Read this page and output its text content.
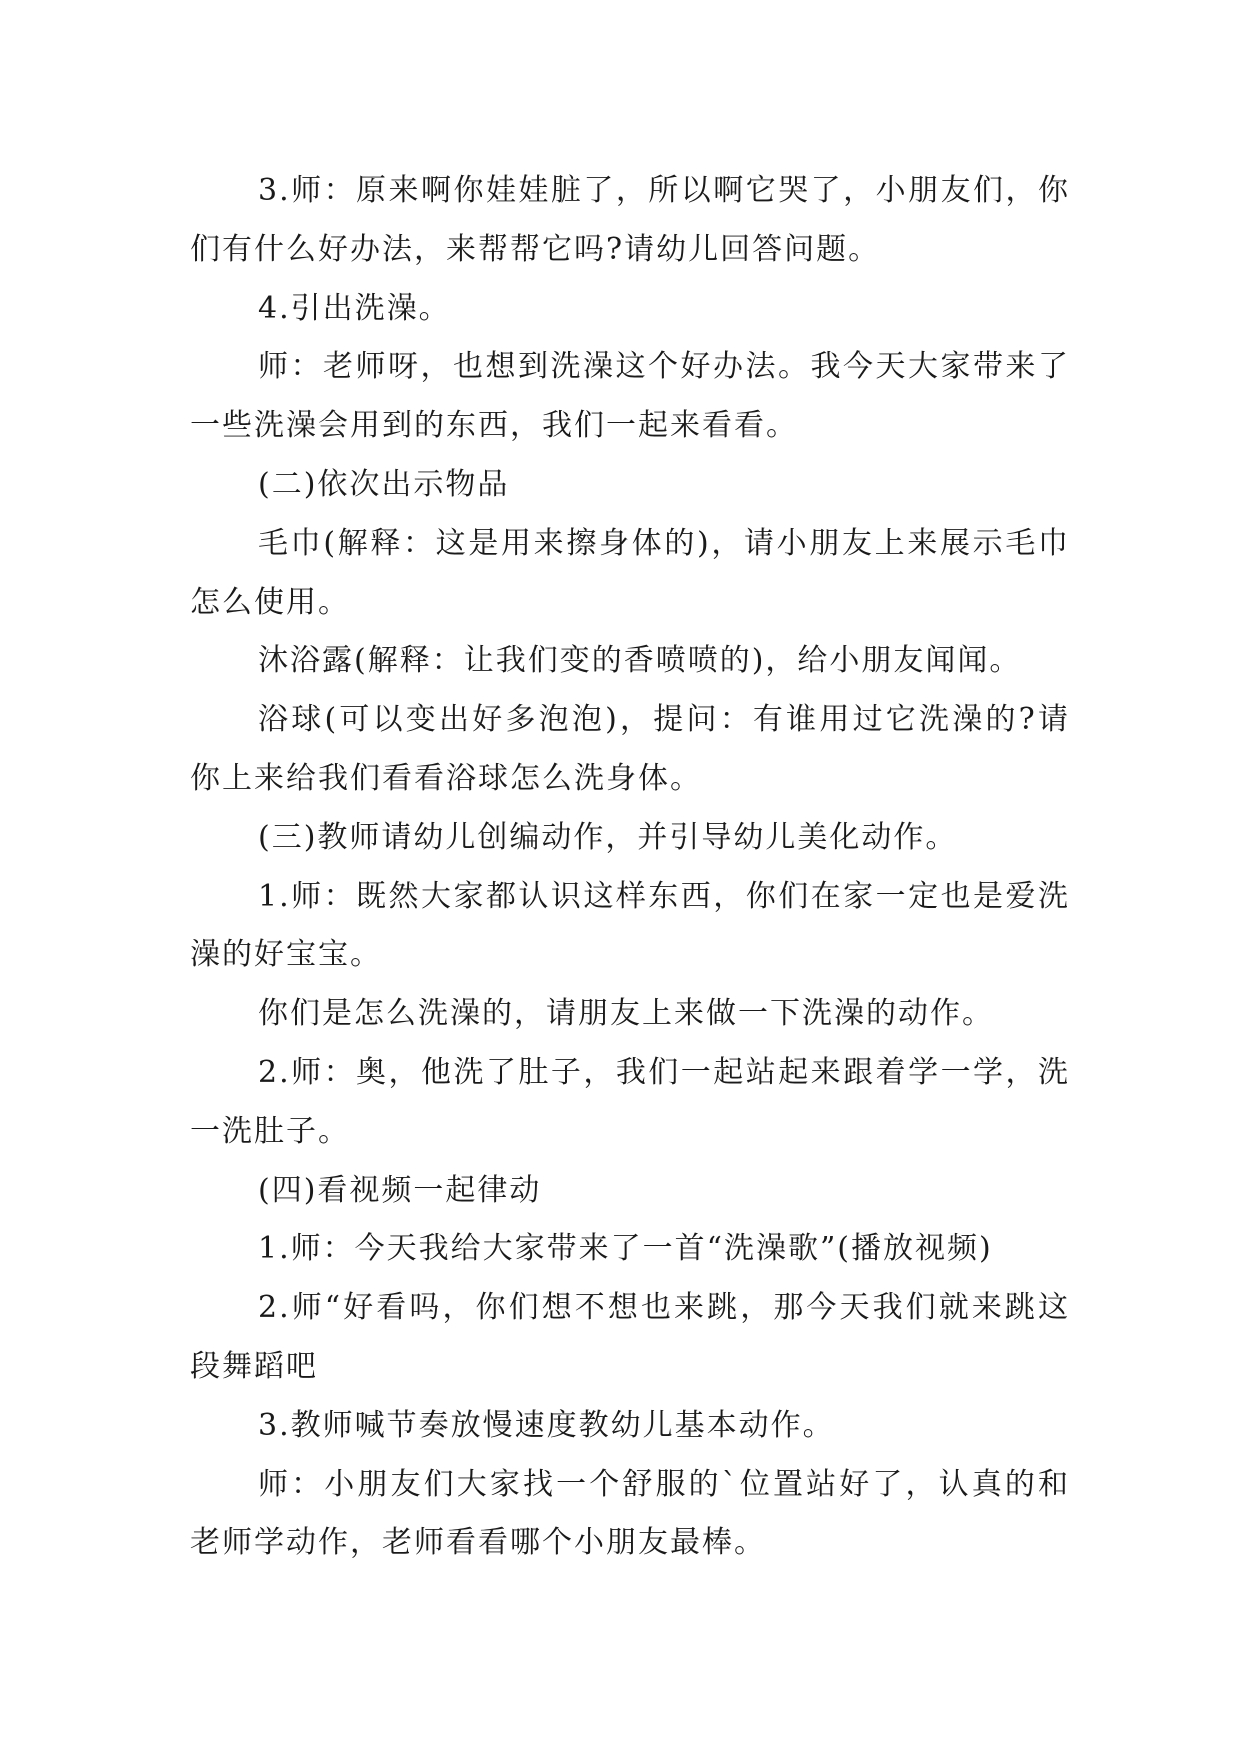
3.师：原来啊你娃娃脏了，所以啊它哭了，小朋友们，你们有什么好办法，来帮帮它吗?请幼儿回答问题。

4.引出洗澡。

师：老师呀，也想到洗澡这个好办法。我今天大家带来了一些洗澡会用到的东西，我们一起来看看。

(二)依次出示物品

毛巾(解释：这是用来擦身体的)，请小朋友上来展示毛巾怎么使用。

沐浴露(解释：让我们变的香喷喷的)，给小朋友闻闻。

浴球(可以变出好多泡泡)，提问：有谁用过它洗澡的?请你上来给我们看看浴球怎么洗身体。

(三)教师请幼儿创编动作，并引导幼儿美化动作。

1.师：既然大家都认识这样东西，你们在家一定也是爱洗澡的好宝宝。

你们是怎么洗澡的，请朋友上来做一下洗澡的动作。

2.师：奥，他洗了肚子，我们一起站起来跟着学一学，洗一洗肚子。

(四)看视频一起律动

1.师：今天我给大家带来了一首“洗澡歌”(播放视频)

2.师“好看吗，你们想不想也来跳，那今天我们就来跳这段舞蹈吧

3.教师喊节奏放慢速度教幼儿基本动作。

师：小朋友们大家找一个舒服的`位置站好了，认真的和老师学动作，老师看看哪个小朋友最棒。
